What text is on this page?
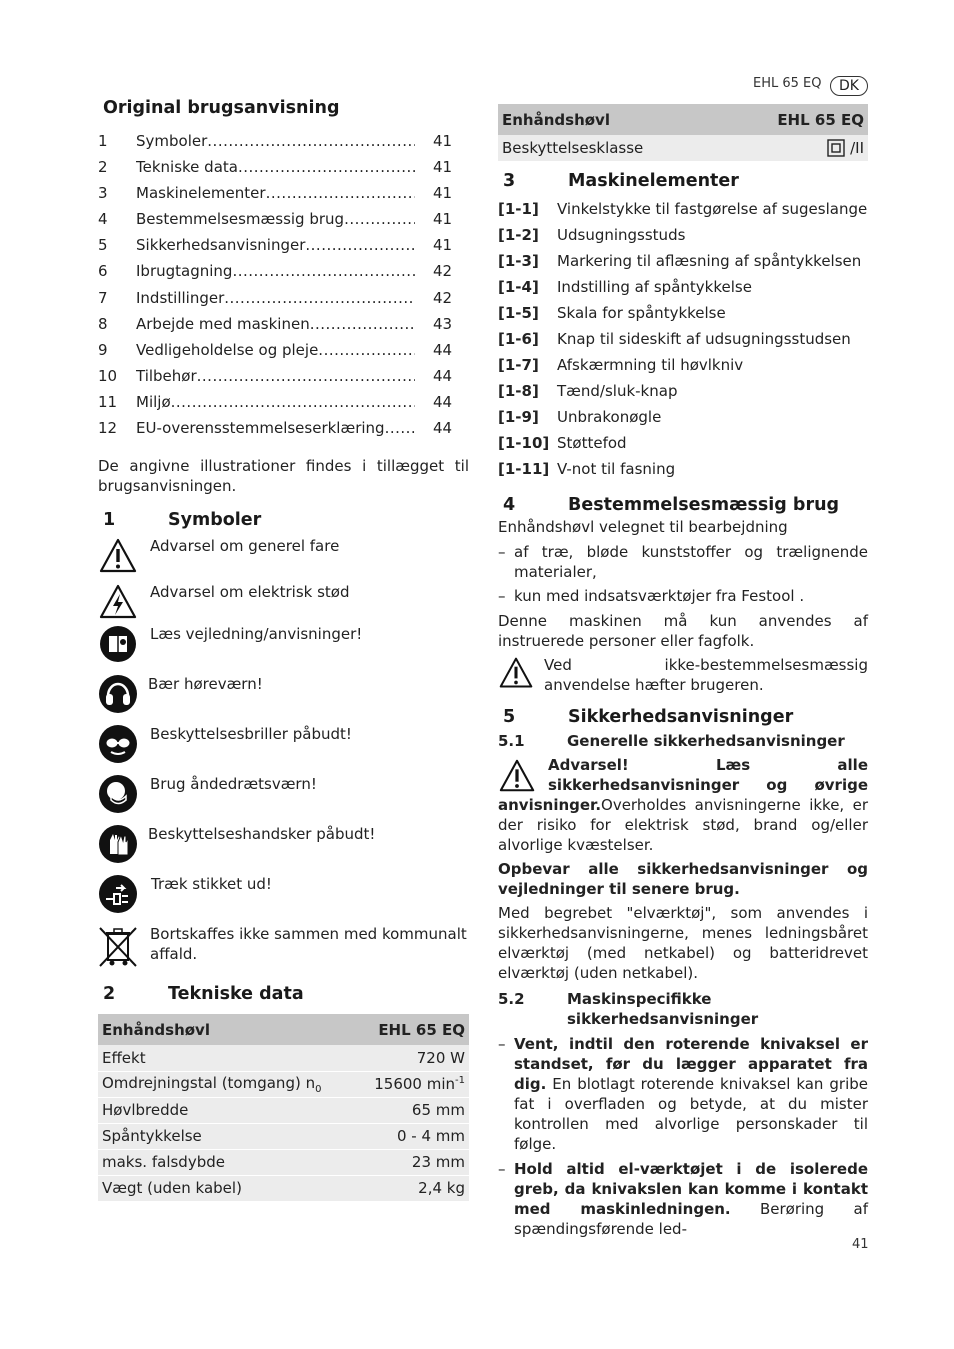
EHL 65 EQ	DK
Original brugsanvisning
1	Symboler .....	41
2	Tekniske data .....	41
3	Maskinelementer .....	41
4	Bestemmelsesmæssig brug .....	41
5	Sikkerhedsanvisninger .....	41
6	Ibrugtagning .....	42
7	Indstillinger .....	42
8	Arbejde med maskinen .....	43
9	Vedligeholdelse og pleje .....	44
10	Tilbehør .....	44
11	Miljø .....	44
12	EU-overensstemmelseserklæring .....	44
De angivne illustrationer findes i tillægget til brugsanvisningen.
1	Symboler
Advarsel om generel fare
Advarsel om elektrisk stød
Læs vejledning/anvisninger!
Bær høreværn!
Beskyttelsesbriller påbudt!
Brug åndedrætsværn!
Beskyttelseshandsker påbudt!
Træk stikket ud!
Bortskaffes ikke sammen med kommunalt affald.
2	Tekniske data
Enhåndshøvl	EHL 65 EQ
Effekt	720 W
Omdrejningstal (tomgang) $n_0$	15600 $\min^{-1}$
Høvlbredde	65 mm
Spåntykkelse	0 - 4 mm
maks. falsdybde	23 mm
Vægt (uden kabel)	2,4 kg
Enhåndshøvl	EHL 65 EQ
Beskyttelsesklasse	/II
3	Maskinelementer
[1-1]	Vinkelstykke til fastgørelse af sugeslange
[1-2]	Udsugningsstuds
[1-3]	Markering til aflæsning af spåntykkelsen
[1-4]	Indstilling af spåntykkelse
[1-5]	Skala for spåntykkelse
[1-6]	Knap til sideskift af udsugningsstudsen
[1-7]	Afskærmning til høvlkniv
[1-8]	Tænd/sluk-knap
[1-9]	Unbrakonøgle
[1-10] Støttefod
[1-11] V-not til fasning
4	Bestemmelsesmæssig brug
Enhåndshøvl velegnet til bearbejdning
– af træ, bløde kunststoffer og trælignende materialer,
– kun med indsatsværktøjer fra Festool .
Denne maskinen må kun anvendes af instruerede personer eller fagfolk.
Ved ikke-bestemmelsesmæssig anvendelse hæfter brugeren.
5	Sikkerhedsanvisninger
5.1	Generelle sikkerhedsanvisninger
Advarsel! Læs alle sikkerhedsanvisninger og øvrige anvisninger.Overholdes anvisningerne ikke, er der risiko for elektrisk stød, brand og/eller alvorlige kvæstelser.
Opbevar alle sikkerhedsanvisninger og vejledninger til senere brug.
Med begrebet "elværktøj", som anvendes i sikkerhedsanvisningerne, menes ledningsbåret elværktøj (med netkabel) og batteridrevet elværktøj (uden netkabel).
5.2	Maskinspecifikke sikkerhedsanvisninger
– Vent, indtil den roterende knivaksel er standset, før du lægger apparatet fra dig. En blotlagt roterende knivaksel kan gribe fat i overfladen og betyde, at du mister kontrollen med alvorlige personskader til følge.
– Hold altid el-værktøjet i de isolerede greb, da knivakslen kan komme i kontakt med maskinledningen. Berøring af spændingsførende led-
41
